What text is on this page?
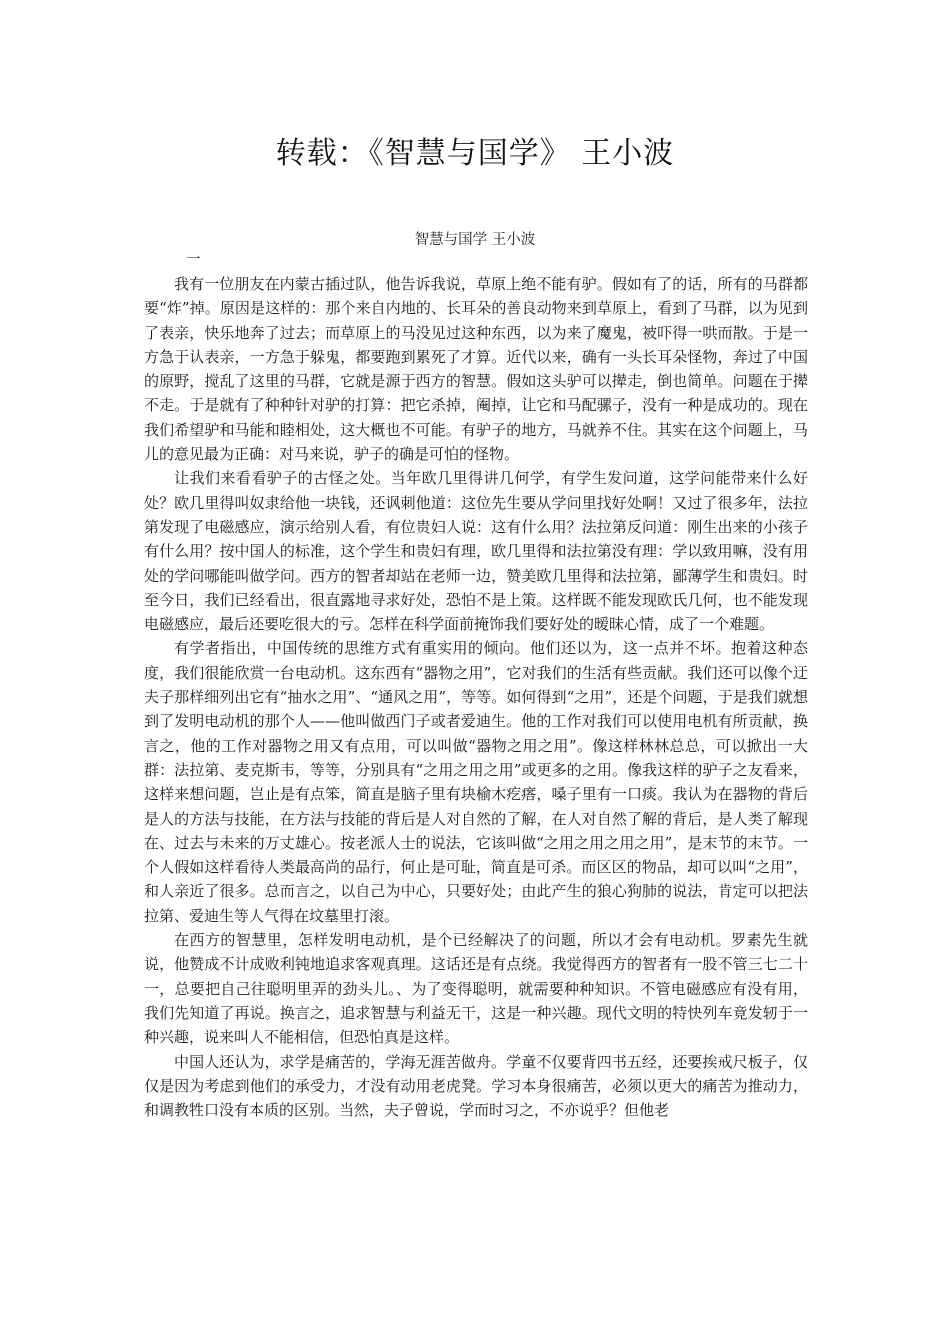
转载：《智慧与国学》 王小波

智慧与国学 王小波

一

我有一位朋友在内蒙古插过队，他告诉我说，草原上绝不能有驴。假如有了的话，所有的马群都要“炸”掉。原因是这样的：那个来自内地的、长耳朵的善良动物来到草原上，看到了马群，以为见到了表亲，快乐地奔了过去；而草原上的马没见过这种东西，以为来了魔鬼，被吓得一哄而散。于是一方急于认表亲，一方急于躲鬼，都要跑到累死了才算。近代以来，确有一头长耳朵怪物，奔过了中国的原野，搅乱了这里的马群，它就是源于西方的智慧。假如这头驴可以撵走，倒也简单。问题在于撵不走。于是就有了种种针对驴的打算：把它杀掉，阉掉，让它和马配骡子，没有一种是成功的。现在我们希望驴和马能和睦相处，这大概也不可能。有驴子的地方，马就养不住。其实在这个问题上，马儿的意见最为正确：对马来说，驴子的确是可怕的怪物。

让我们来看看驴子的古怪之处。当年欧几里得讲几何学，有学生发问道，这学问能带来什么好处？欧几里得叫奴隶给他一块钱，还讽刺他道：这位先生要从学问里找好处啊！又过了很多年，法拉第发现了电磁感应，演示给别人看，有位贵妇人说：这有什么用？法拉第反问道：刚生出来的小孩子有什么用？按中国人的标准，这个学生和贵妇有理，欧几里得和法拉第没有理：学以致用嘛，没有用处的学问哪能叫做学问。西方的智者却站在老师一边，赞美欧几里得和法拉第，鄙薄学生和贵妇。时至今日，我们已经看出，很直露地寻求好处，恐怕不是上策。这样既不能发现欧氏几何，也不能发现电磁感应，最后还要吃很大的亏。怎样在科学面前掩饰我们要好处的暧昧心情，成了一个难题。

有学者指出，中国传统的思维方式有重实用的倾向。他们还以为，这一点并不坏。抱着这种态度，我们很能欣赏一台电动机。这东西有“器物之用”，它对我们的生活有些贡献。我们还可以像个迂夫子那样细列出它有“抽水之用”、“通风之用”，等等。如何得到“之用”，还是个问题，于是我们就想到了发明电动机的那个人——他叫做西门子或者爱迪生。他的工作对我们可以使用电机有所贡献，换言之，他的工作对器物之用又有点用，可以叫做“器物之用之用”。像这样林林总总，可以掀出一大群：法拉第、麦克斯韦，等等，分别具有“之用之用之用”或更多的之用。像我这样的驴子之友看来，这样来想问题，岂止是有点笨，简直是脑子里有块榆木疙瘩，嗓子里有一口痰。我认为在器物的背后是人的方法与技能，在方法与技能的背后是人对自然的了解，在人对自然了解的背后，是人类了解现在、过去与未来的万丈雄心。按老派人士的说法，它该叫做“之用之用之用之用”，是末节的末节。一个人假如这样看待人类最高尚的品行，何止是可耻，简直是可杀。而区区的物品，却可以叫“之用”，和人亲近了很多。总而言之，以自己为中心，只要好处；由此产生的狼心狗肺的说法，肯定可以把法拉第、爱迪生等人气得在坟墓里打滚。

在西方的智慧里，怎样发明电动机，是个已经解决了的问题，所以才会有电动机。罗素先生就说，他赞成不计成败利钝地追求客观真理。这话还是有点绕。我觉得西方的智者有一股不管三七二十一，总要把自己往聪明里弄的劲头儿。、为了变得聪明，就需要种种知识。不管电磁感应有没有用，我们先知道了再说。换言之，追求智慧与利益无干，这是一种兴趣。现代文明的特快列车竟发轫于一种兴趣，说来叫人不能相信，但恐怕真是这样。

中国人还认为，求学是痛苦的，学海无涯苦做舟。学童不仅要背四书五经，还要挨戒尺板子，仅仅是因为考虑到他们的承受力，才没有动用老虎凳。学习本身很痛苦，必须以更大的痛苦为推动力，和调教牲口没有本质的区别。当然，夫子曾说，学而时习之，不亦说乎？但他老
